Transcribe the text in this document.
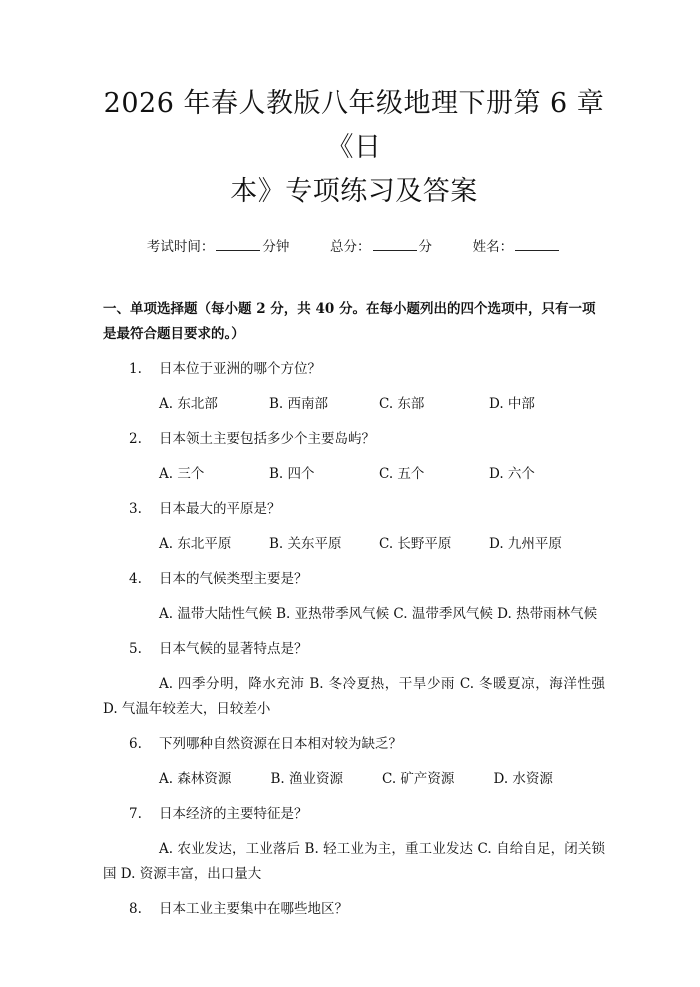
2026 年春人教版八年级地理下册第 6 章《日
本》专项练习及答案
考试时间：	分钟	总分：	分	姓名：
一、单项选择题（每小题 2 分，共 40 分。在每小题列出的四个选项中，只有一项是最符合题目要求的。）
1.	日本位于亚洲的哪个方位？
A. 东北部	B. 西南部	C. 东部	D. 中部
2.	日本领土主要包括多少个主要岛屿？
A. 三个	B. 四个	C. 五个	D. 六个
3.	日本最大的平原是？
A. 东北平原	B. 关东平原	C. 长野平原	D. 九州平原
4.	日本的气候类型主要是？
A. 温带大陆性气候 B. 亚热带季风气候 C. 温带季风气候 D. 热带雨林气候
5.	日本气候的显著特点是？
A. 四季分明，降水充沛 B. 冬冷夏热，干旱少雨 C. 冬暖夏凉，海洋性强 D. 气温年较差大，日较差小
6.	下列哪种自然资源在日本相对较为缺乏？
A. 森林资源	B. 渔业资源	C. 矿产资源	D. 水资源
7.	日本经济的主要特征是？
A. 农业发达，工业落后 B. 轻工业为主，重工业发达 C. 自给自足，闭关锁国 D. 资源丰富，出口量大
8.	日本工业主要集中在哪些地区？
